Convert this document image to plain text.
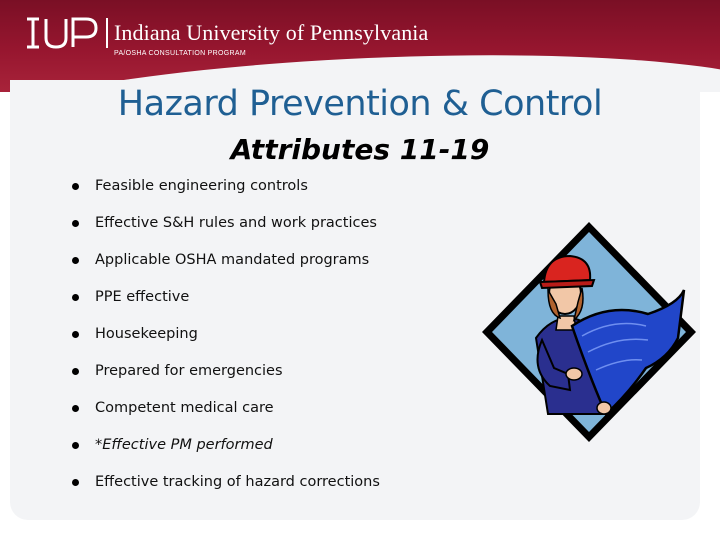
Indiana University of Pennsylvania
PA/OSHA CONSULTATION PROGRAM
Hazard Prevention & Control
Attributes 11-19
Feasible engineering controls
Effective S&H rules and work practices
Applicable OSHA mandated programs
PPE effective
Housekeeping
Prepared for emergencies
Competent medical care
*Effective PM performed
Effective tracking of hazard corrections
